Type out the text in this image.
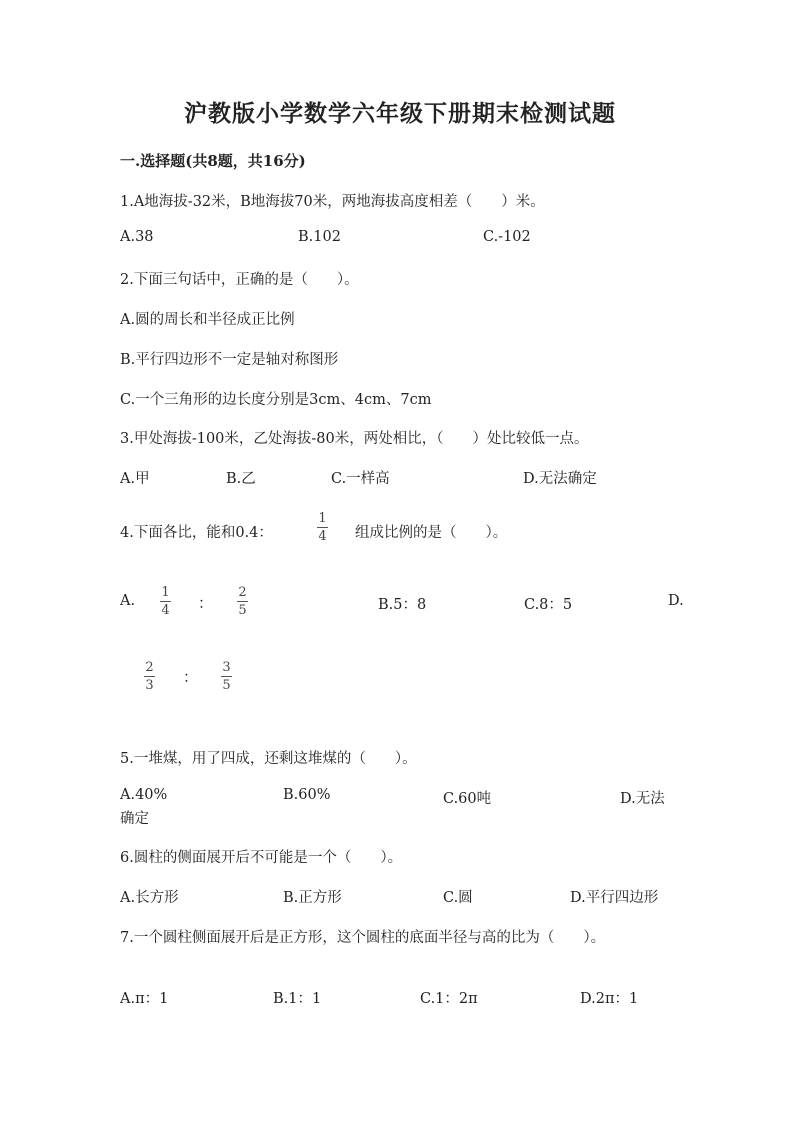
沪教版小学数学六年级下册期末检测试题
一.选择题(共8题，共16分)
1.A地海拔-32米，B地海拔70米，两地海拔高度相差（　　）米。
A.38	B.102	C.-102
2.下面三句话中，正确的是（　　）。
A.圆的周长和半径成正比例
B.平行四边形不一定是轴对称图形
C.一个三角形的边长度分别是3cm、4cm、7cm
3.甲处海拔-100米，乙处海拔-80米，两处相比，（　　）处比较低一点。
A.甲	B.乙	C.一样高	D.无法确定
4.下面各比，能和0.4：
1
4 组成比例的是（　　）。
A.
1
4 ：
2
5	B.5：8	C.8：5	D.
2
3 ：
3
5
5.一堆煤，用了四成，还剩这堆煤的（　　）。
A.40%	B.60%	C.60吨	D.无法
确定
6.圆柱的侧面展开后不可能是一个（　　）。
A.长方形	B.正方形	C.圆	D.平行四边形
7.一个圆柱侧面展开后是正方形，这个圆柱的底面半径与高的比为（　　）。
A.π：1	B.1：1	C.1：2π	D.2π：1
